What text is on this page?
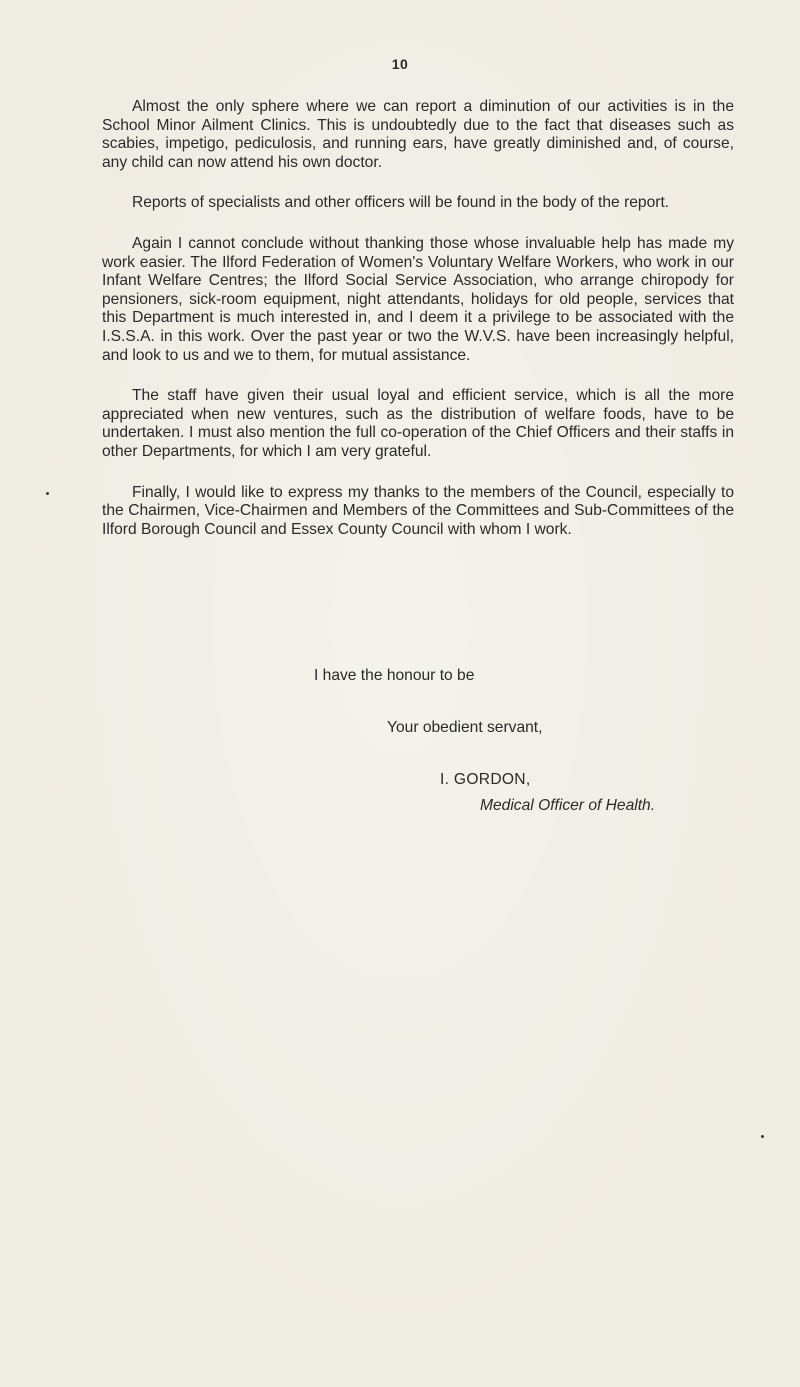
10

Almost the only sphere where we can report a diminution of our activities is in the School Minor Ailment Clinics. This is undoubtedly due to the fact that diseases such as scabies, impetigo, pediculosis, and running ears, have greatly diminished and, of course, any child can now attend his own doctor.

Reports of specialists and other officers will be found in the body of the report.

Again I cannot conclude without thanking those whose invaluable help has made my work easier. The Ilford Federation of Women's Voluntary Welfare Workers, who work in our Infant Welfare Centres; the Ilford Social Service Association, who arrange chiropody for pensioners, sick-room equipment, night attendants, holidays for old people, services that this Department is much interested in, and I deem it a privilege to be associated with the I.S.S.A. in this work. Over the past year or two the W.V.S. have been increasingly helpful, and look to us and we to them, for mutual assistance.

The staff have given their usual loyal and efficient service, which is all the more appreciated when new ventures, such as the distribution of welfare foods, have to be undertaken. I must also mention the full co-operation of the Chief Officers and their staffs in other Departments, for which I am very grateful.

Finally, I would like to express my thanks to the members of the Council, especially to the Chairmen, Vice-Chairmen and Members of the Committees and Sub-Committees of the Ilford Borough Council and Essex County Council with whom I work.

I have the honour to be
Your obedient servant,
I. GORDON,
Medical Officer of Health.
